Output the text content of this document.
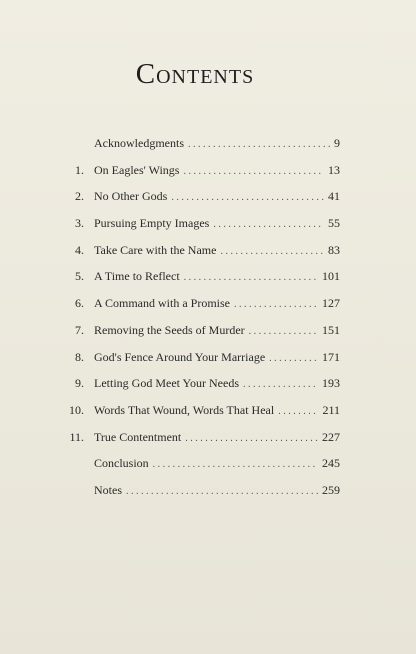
Contents
Acknowledgments . . .	9
1. On Eagles' Wings . . .	13
2. No Other Gods . . .	41
3. Pursuing Empty Images . . .	55
4. Take Care with the Name . . .	83
5. A Time to Reflect . . .	101
6. A Command with a Promise . . .	127
7. Removing the Seeds of Murder . . .	151
8. God's Fence Around Your Marriage . . .	171
9. Letting God Meet Your Needs . . .	193
10. Words That Wound, Words That Heal . . .	211
11. True Contentment . . .	227
Conclusion . . .	245
Notes . . .	259
